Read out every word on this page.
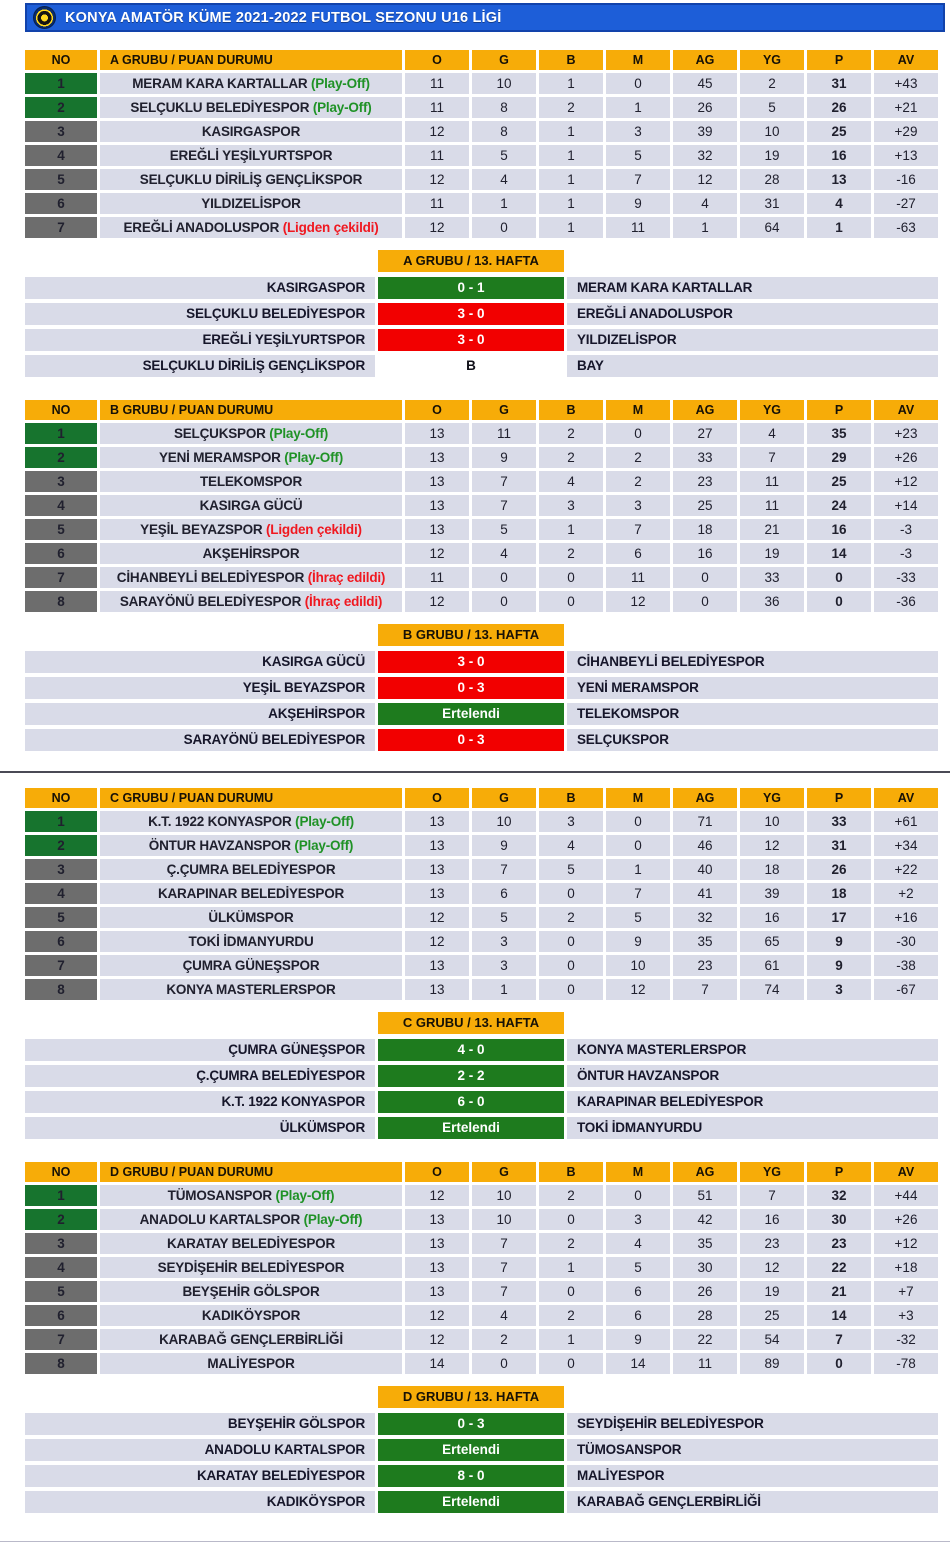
KONYA AMATÖR KÜME 2021-2022 FUTBOL SEZONU U16 LİGİ
NO	A GRUBU / PUAN DURUMU	O	G	B	M	AG	YG	P	AV
1	MERAM KARA KARTALLAR (Play-Off)	11	10	1	0	45	2	31	+43
2	SELÇUKLU BELEDİYESPOR (Play-Off)	11	8	2	1	26	5	26	+21
3	KASIRGASPOR	12	8	1	3	39	10	25	+29
4	EREĞLİ YEŞİLYURTSPOR	11	5	1	5	32	19	16	+13
5	SELÇUKLU DİRİLİŞ GENÇLİKSPOR	12	4	1	7	12	28	13	-16
6	YILDIZELİSPOR	11	1	1	9	4	31	4	-27
7	EREĞLİ ANADOLUSPOR (Ligden çekildi)	12	0	1	11	1	64	1	-63
A GRUBU / 13. HAFTA
KASIRGASPOR	0 - 1	MERAM KARA KARTALLAR
SELÇUKLU BELEDİYESPOR	3 - 0	EREĞLİ ANADOLUSPOR
EREĞLİ YEŞİLYURTSPOR	3 - 0	YILDIZELİSPOR
SELÇUKLU DİRİLİŞ GENÇLİKSPOR	B	BAY
NO	B GRUBU / PUAN DURUMU	O	G	B	M	AG	YG	P	AV
1	SELÇUKSPOR (Play-Off)	13	11	2	0	27	4	35	+23
2	YENİ MERAMSPOR (Play-Off)	13	9	2	2	33	7	29	+26
3	TELEKOMSPOR	13	7	4	2	23	11	25	+12
4	KASIRGA GÜCÜ	13	7	3	3	25	11	24	+14
5	YEŞİL BEYAZSPOR (Ligden çekildi)	13	5	1	7	18	21	16	-3
6	AKŞEHİRSPOR	12	4	2	6	16	19	14	-3
7	CİHANBEYLİ BELEDİYESPOR (İhraç edildi)	11	0	0	11	0	33	0	-33
8	SARAYÖNÜ BELEDİYESPOR (İhraç edildi)	12	0	0	12	0	36	0	-36
B GRUBU / 13. HAFTA
KASIRGA GÜCÜ	3 - 0	CİHANBEYLİ BELEDİYESPOR
YEŞİL BEYAZSPOR	0 - 3	YENİ MERAMSPOR
AKŞEHİRSPOR	Ertelendi	TELEKOMSPOR
SARAYÖNÜ BELEDİYESPOR	0 - 3	SELÇUKSPOR
NO	C GRUBU / PUAN DURUMU	O	G	B	M	AG	YG	P	AV
1	K.T. 1922 KONYASPOR (Play-Off)	13	10	3	0	71	10	33	+61
2	ÖNTUR HAVZANSPOR (Play-Off)	13	9	4	0	46	12	31	+34
3	Ç.ÇUMRA BELEDİYESPOR	13	7	5	1	40	18	26	+22
4	KARAPINAR BELEDİYESPOR	13	6	0	7	41	39	18	+2
5	ÜLKÜMSPOR	12	5	2	5	32	16	17	+16
6	TOKİ İDMANYURDU	12	3	0	9	35	65	9	-30
7	ÇUMRA GÜNEŞSPOR	13	3	0	10	23	61	9	-38
8	KONYA MASTERLERSPOR	13	1	0	12	7	74	3	-67
C GRUBU / 13. HAFTA
ÇUMRA GÜNEŞSPOR	4 - 0	KONYA MASTERLERSPOR
Ç.ÇUMRA BELEDİYESPOR	2 - 2	ÖNTUR HAVZANSPOR
K.T. 1922 KONYASPOR	6 - 0	KARAPINAR BELEDİYESPOR
ÜLKÜMSPOR	Ertelendi	TOKİ İDMANYURDU
NO	D GRUBU / PUAN DURUMU	O	G	B	M	AG	YG	P	AV
1	TÜMOSANSPOR (Play-Off)	12	10	2	0	51	7	32	+44
2	ANADOLU KARTALSPOR (Play-Off)	13	10	0	3	42	16	30	+26
3	KARATAY BELEDİYESPOR	13	7	2	4	35	23	23	+12
4	SEYDİŞEHİR BELEDİYESPOR	13	7	1	5	30	12	22	+18
5	BEYŞEHİR GÖLSPOR	13	7	0	6	26	19	21	+7
6	KADIKÖYSPOR	12	4	2	6	28	25	14	+3
7	KARABAĞ GENÇLERBİRLİĞİ	12	2	1	9	22	54	7	-32
8	MALİYESPOR	14	0	0	14	11	89	0	-78
D GRUBU / 13. HAFTA
BEYŞEHİR GÖLSPOR	0 - 3	SEYDİŞEHİR BELEDİYESPOR
ANADOLU KARTALSPOR	Ertelendi	TÜMOSANSPOR
KARATAY BELEDİYESPOR	8 - 0	MALİYESPOR
KADIKÖYSPOR	Ertelendi	KARABAĞ GENÇLERBİRLİĞİ
